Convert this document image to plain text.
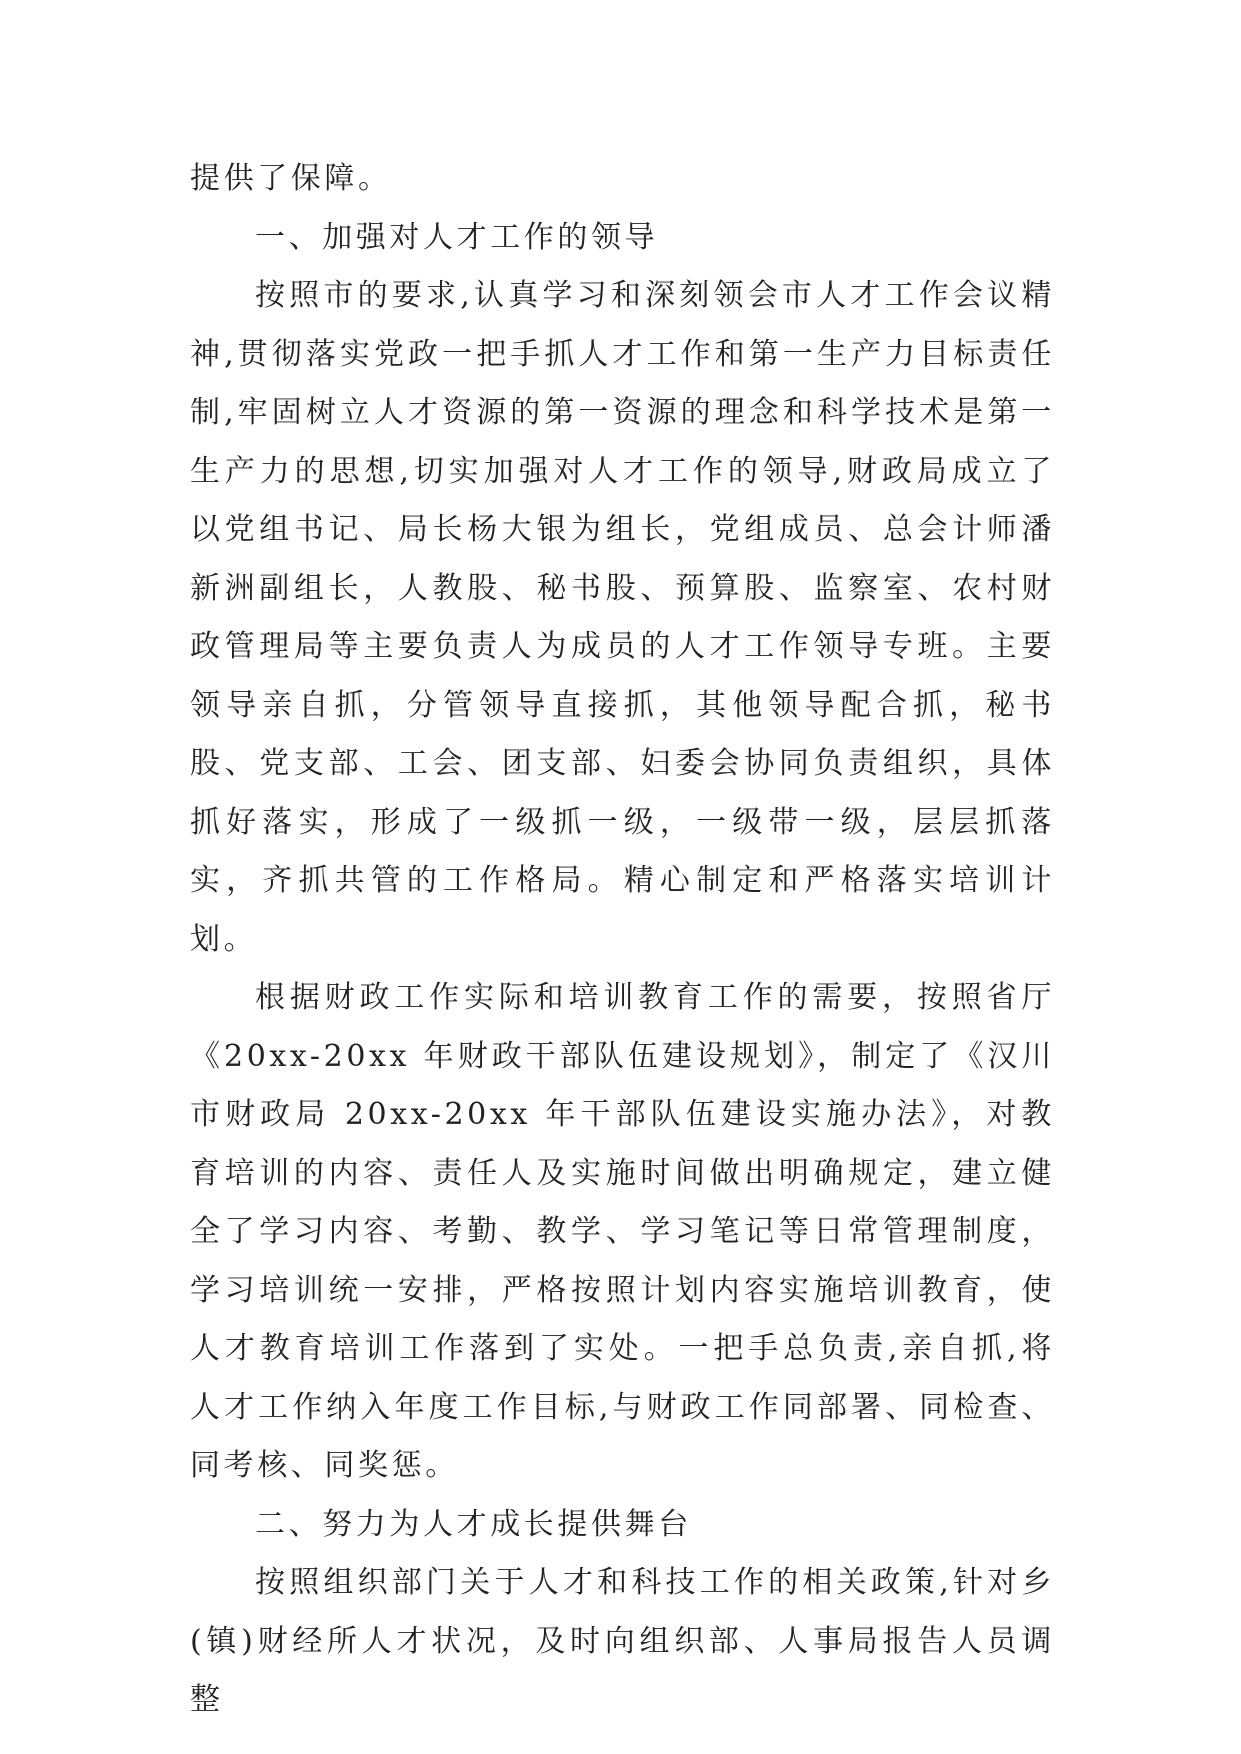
提供了保障。

一、加强对人才工作的领导

按照市的要求,认真学习和深刻领会市人才工作会议精神,贯彻落实党政一把手抓人才工作和第一生产力目标责任制,牢固树立人才资源的第一资源的理念和科学技术是第一生产力的思想,切实加强对人才工作的领导,财政局成立了以党组书记、局长杨大银为组长，党组成员、总会计师潘新洲副组长，人教股、秘书股、预算股、监察室、农村财政管理局等主要负责人为成员的人才工作领导专班。主要领导亲自抓，分管领导直接抓，其他领导配合抓，秘书股、党支部、工会、团支部、妇委会协同负责组织，具体抓好落实，形成了一级抓一级，一级带一级，层层抓落实，齐抓共管的工作格局。精心制定和严格落实培训计划。

根据财政工作实际和培训教育工作的需要，按照省厅《20xx-20xx 年财政干部队伍建设规划》，制定了《汉川市财政局 20xx-20xx 年干部队伍建设实施办法》，对教育培训的内容、责任人及实施时间做出明确规定，建立健全了学习内容、考勤、教学、学习笔记等日常管理制度，学习培训统一安排，严格按照计划内容实施培训教育，使人才教育培训工作落到了实处。一把手总负责,亲自抓,将人才工作纳入年度工作目标,与财政工作同部署、同检查、同考核、同奖惩。

二、努力为人才成长提供舞台

按照组织部门关于人才和科技工作的相关政策,针对乡(镇)财经所人才状况，及时向组织部、人事局报告人员调整
